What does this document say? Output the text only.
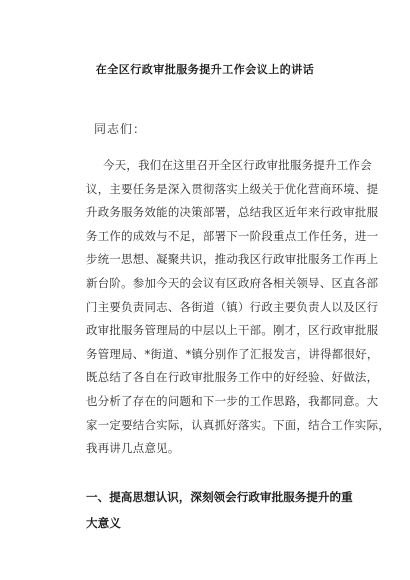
在全区行政审批服务提升工作会议上的讲话
同志们：
今天，我们在这里召开全区行政审批服务提升工作会
议，主要任务是深入贯彻落实上级关于优化营商环境、提
升政务服务效能的决策部署，总结我区近年来行政审批服
务工作的成效与不足，部署下一阶段重点工作任务，进一
步统一思想、凝聚共识，推动我区行政审批服务工作再上
新台阶。参加今天的会议有区政府各相关领导、区直各部
门主要负责同志、各街道（镇）行政主要负责人以及区行
政审批服务管理局的中层以上干部。刚才，区行政审批服
务管理局、*街道、*镇分别作了汇报发言，讲得都很好，
既总结了各自在行政审批服务工作中的好经验、好做法，
也分析了存在的问题和下一步的工作思路，我都同意。大
家一定要结合实际，认真抓好落实。下面，结合工作实际，
我再讲几点意见。
一、提高思想认识，深刻领会行政审批服务提升的重
大意义
